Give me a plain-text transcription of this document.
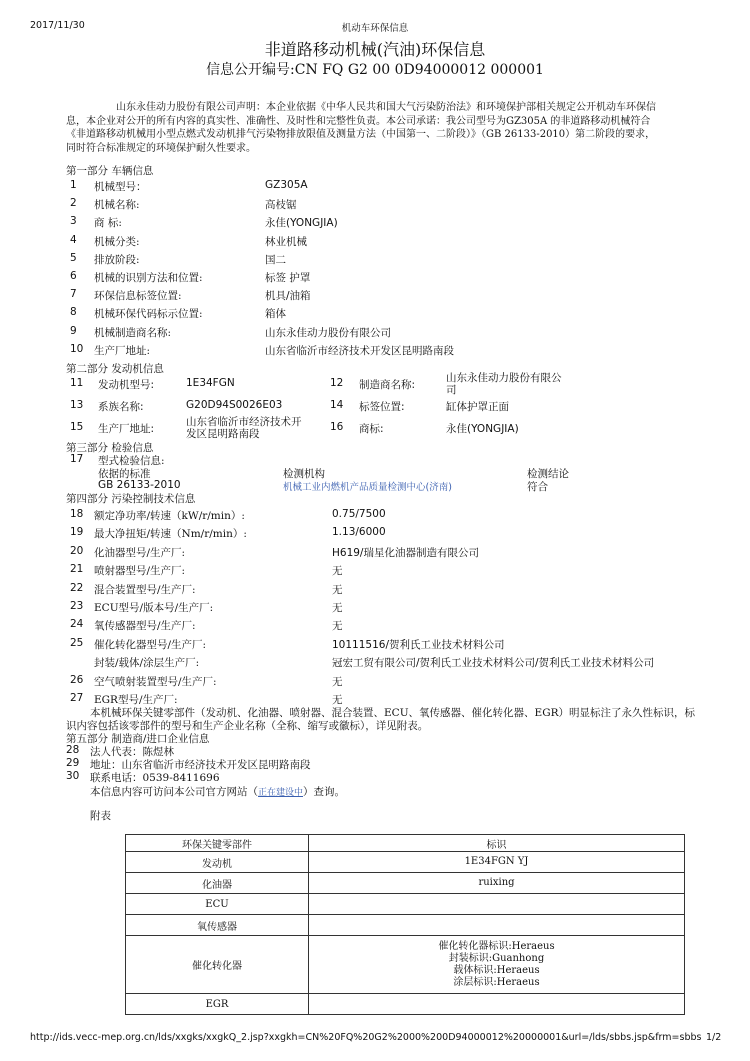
2017/11/30	机动车环保信息
非道路移动机械(汽油)环保信息
信息公开编号:CN FQ G2 00 0D94000012 000001

山东永佳动力股份有限公司声明：本企业依据《中华人民共和国大气污染防治法》和环境保护部相关规定公开机动车环保信

息，本企业对公开的所有内容的真实性、准确性、及时性和完整性负责。本公司承诺：我公司型号为GZ305A 的非道路移动机械符合

《非道路移动机械用小型点燃式发动机排气污染物排放限值及测量方法（中国第一、二阶段）》（GB 26133-2010）第二阶段的要求，

同时符合标准规定的环境保护耐久性要求。

第一部分 车辆信息
1 机械型号：	GZ305A
2 机械名称:	高枝锯
3 商 标:	永佳(YONGJIA)
4 机械分类:	林业机械
5 排放阶段:	国二
6 机械的识别方法和位置:	标签 护罩
7 环保信息标签位置:	机具/油箱
8 机械环保代码标示位置:	箱体
9 机械制造商名称:	山东永佳动力股份有限公司
10 生产厂地址:	山东省临沂市经济技术开发区昆明路南段
第二部分 发动机信息
11 发动机型号:	1E34FGN	12 制造商名称:
山东永佳动力股份有限公
司
13 系族名称:	G20D94S0026E03	14 标签位置:	缸体护罩正面
15 生产厂地址:
山东省临沂市经济技术开
发区昆明路南段
16 商标:	永佳(YONGJIA)
第三部分 检验信息
17 型式检验信息:
依据的标准	检测机构	检测结论
GB 26133-2010	机械工业内燃机产品质量检测中心(济南)	符合
第四部分 污染控制技术信息
18 额定净功率/转速（kW/r/min）:	0.75/7500
19 最大净扭矩/转速（Nm/r/min）:	1.13/6000
20 化油器型号/生产厂:	H619/瑞星化油器制造有限公司
21 喷射器型号/生产厂:	无
22 混合装置型号/生产厂:	无
23 ECU型号/版本号/生产厂:	无
24 氧传感器型号/生产厂:	无
25 催化转化器型号/生产厂:	10111516/贺利氏工业技术材料公司
封装/载体/涂层生产厂:	冠宏工贸有限公司/贺利氏工业技术材料公司/贺利氏工业技术材料公司
26 空气喷射装置型号/生产厂:	无
27 EGR型号/生产厂:	无
本机械环保关键零部件（发动机、化油器、喷射器、混合装置、ECU、氧传感器、催化转化器、EGR）明显标注了永久性标识，标
识内容包括该零部件的型号和生产企业名称（全称、缩写或徽标），详见附表。
第五部分 制造商/进口企业信息
28 法人代表：陈煜林
29 地址：山东省临沂市经济技术开发区昆明路南段
30 联系电话：0539-8411696
本信息内容可访问本公司官方网站（正在建设中）查询。
附表
环保关键零部件	标识
发动机	1E34FGN YJ

化油器	ruixing

ECU	
氧传感器	
催化转化器	催化转化器标识:Heraeus
封装标识:Guanhong
载体标识:Heraeus
涂层标识:Heraeus

EGR	
http://ids.vecc-mep.org.cn/lds/xxgks/xxgkQ_2.jsp?xxgkh=CN%20FQ%20G2%2000%200D94000012%20000001&url=/lds/sbbs.jsp&frm=sbbs 1/2
